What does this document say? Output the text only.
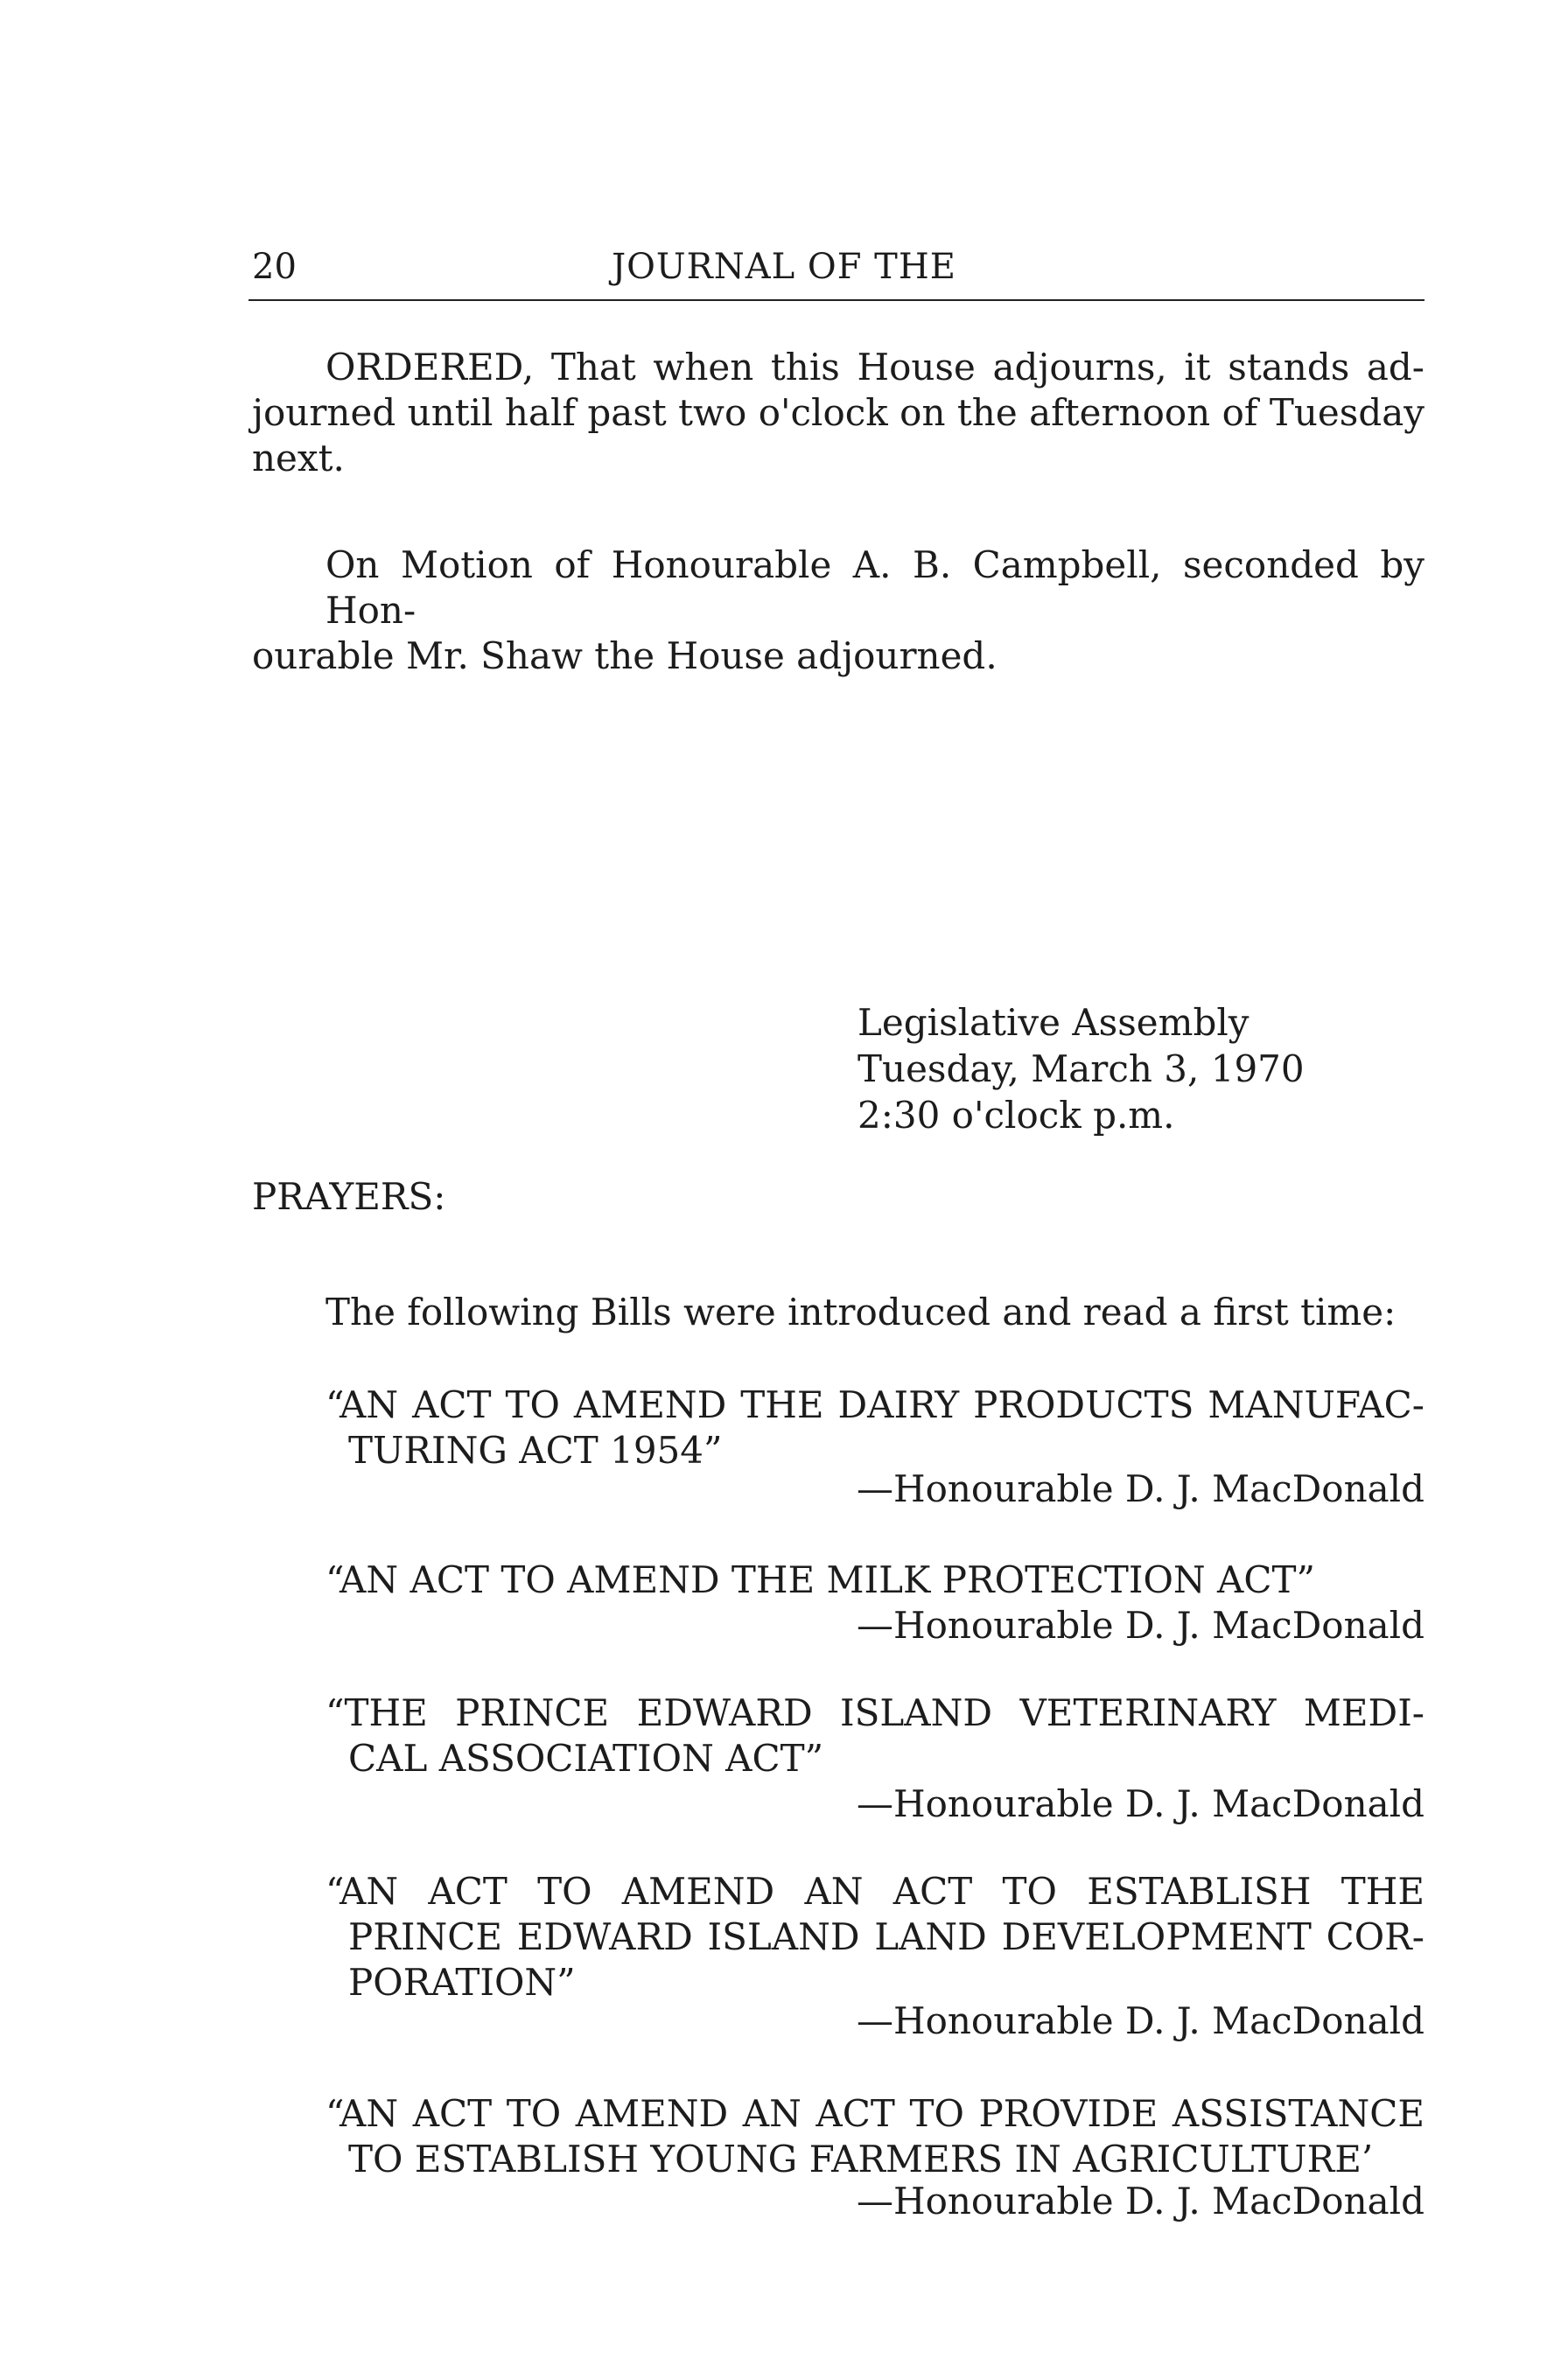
20	JOURNAL OF THE
ORDERED, That when this House adjourns, it stands ad-
journed until half past two o'clock on the afternoon of Tuesday
next.
On Motion of Honourable A. B. Campbell, seconded by Hon-
ourable Mr. Shaw the House adjourned.
Legislative Assembly
Tuesday, March 3, 1970
2:30 o'clock p.m.
PRAYERS:
The following Bills were introduced and read a first time:
“AN ACT TO AMEND THE DAIRY PRODUCTS MANUFAC-
TURING ACT 1954”
—Honourable D. J. MacDonald
“AN ACT TO AMEND THE MILK PROTECTION ACT”
—Honourable D. J. MacDonald
“THE PRINCE EDWARD ISLAND VETERINARY MEDI-
CAL ASSOCIATION ACT”
—Honourable D. J. MacDonald
“AN ACT TO AMEND AN ACT TO ESTABLISH THE
PRINCE EDWARD ISLAND LAND DEVELOPMENT COR-
PORATION”
—Honourable D. J. MacDonald
“AN ACT TO AMEND AN ACT TO PROVIDE ASSISTANCE
TO ESTABLISH YOUNG FARMERS IN AGRICULTURE’
—Honourable D. J. MacDonald
